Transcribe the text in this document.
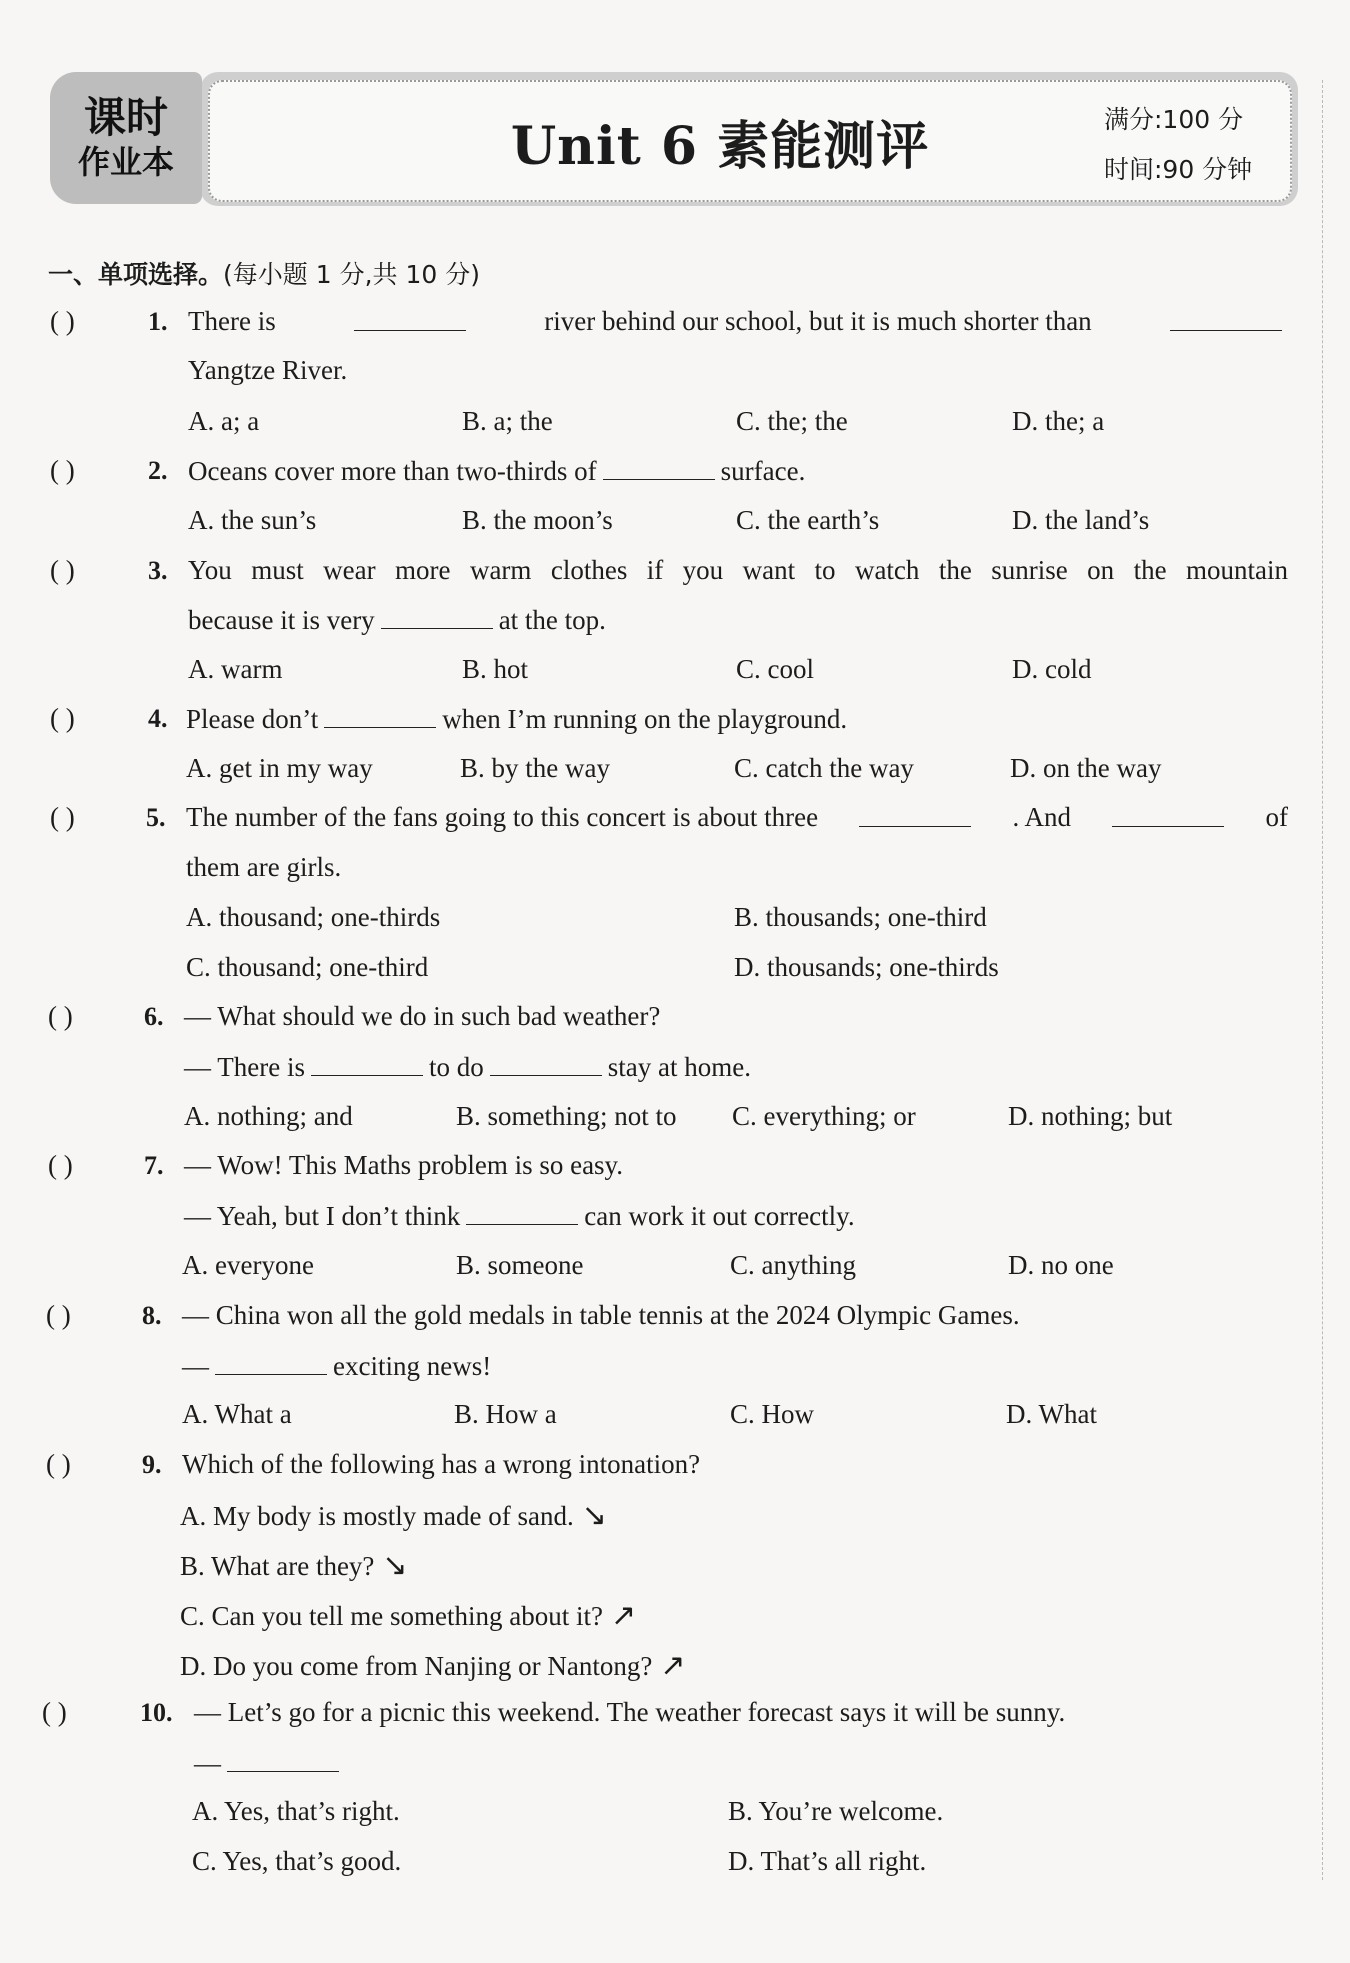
课时
作业本	Unit 6 素能测评	满分:100 分
时间:90 分钟
一、单项选择。(每小题 1 分,共 10 分)
( )	1. There is	river behind our school, but it is much shorter than
Yangtze River.
A. a; a	B. a; the	C. the; the	D. the; a
( )	2. Oceans cover more than two-thirds of	surface.
A. the sun’s	B. the moon’s	C. the earth’s	D. the land’s
( )	3. You must wear more warm clothes if you want to watch the sunrise on the mountain
because it is very	at the top.
A. warm	B. hot	C. cool	D. cold
( )	4. Please don’t	when I’m running on the playground.
A. get in my way	B. by the way	C. catch the way	D. on the way
( )	5. The number of the fans going to this concert is about three	. And	of
them are girls.
A. thousand; one-thirds	B. thousands; one-third
C. thousand; one-third	D. thousands; one-thirds
( )	6. — What should we do in such bad weather?
— There is	to do	stay at home.
A. nothing; and	B. something; not to C. everything; or	D. nothing; but
( )	7. — Wow! This Maths problem is so easy.
— Yeah, but I don’t think	can work it out correctly.
A. everyone	B. someone	C. anything	D. no one
( )	8. — China won all the gold medals in table tennis at the 2024 Olympic Games.
—	exciting news!
A. What a	B. How a	C. How	D. What
( )	9. Which of the following has a wrong intonation?
A. My body is mostly made of sand. ↘
B. What are they? ↘
C. Can you tell me something about it? ↗
D. Do you come from Nanjing or Nantong? ↗
( )	10. — Let’s go for a picnic this weekend. The weather forecast says it will be sunny.
—
A. Yes, that’s right.	B. You’re welcome.
C. Yes, that’s good.	D. That’s all right.
